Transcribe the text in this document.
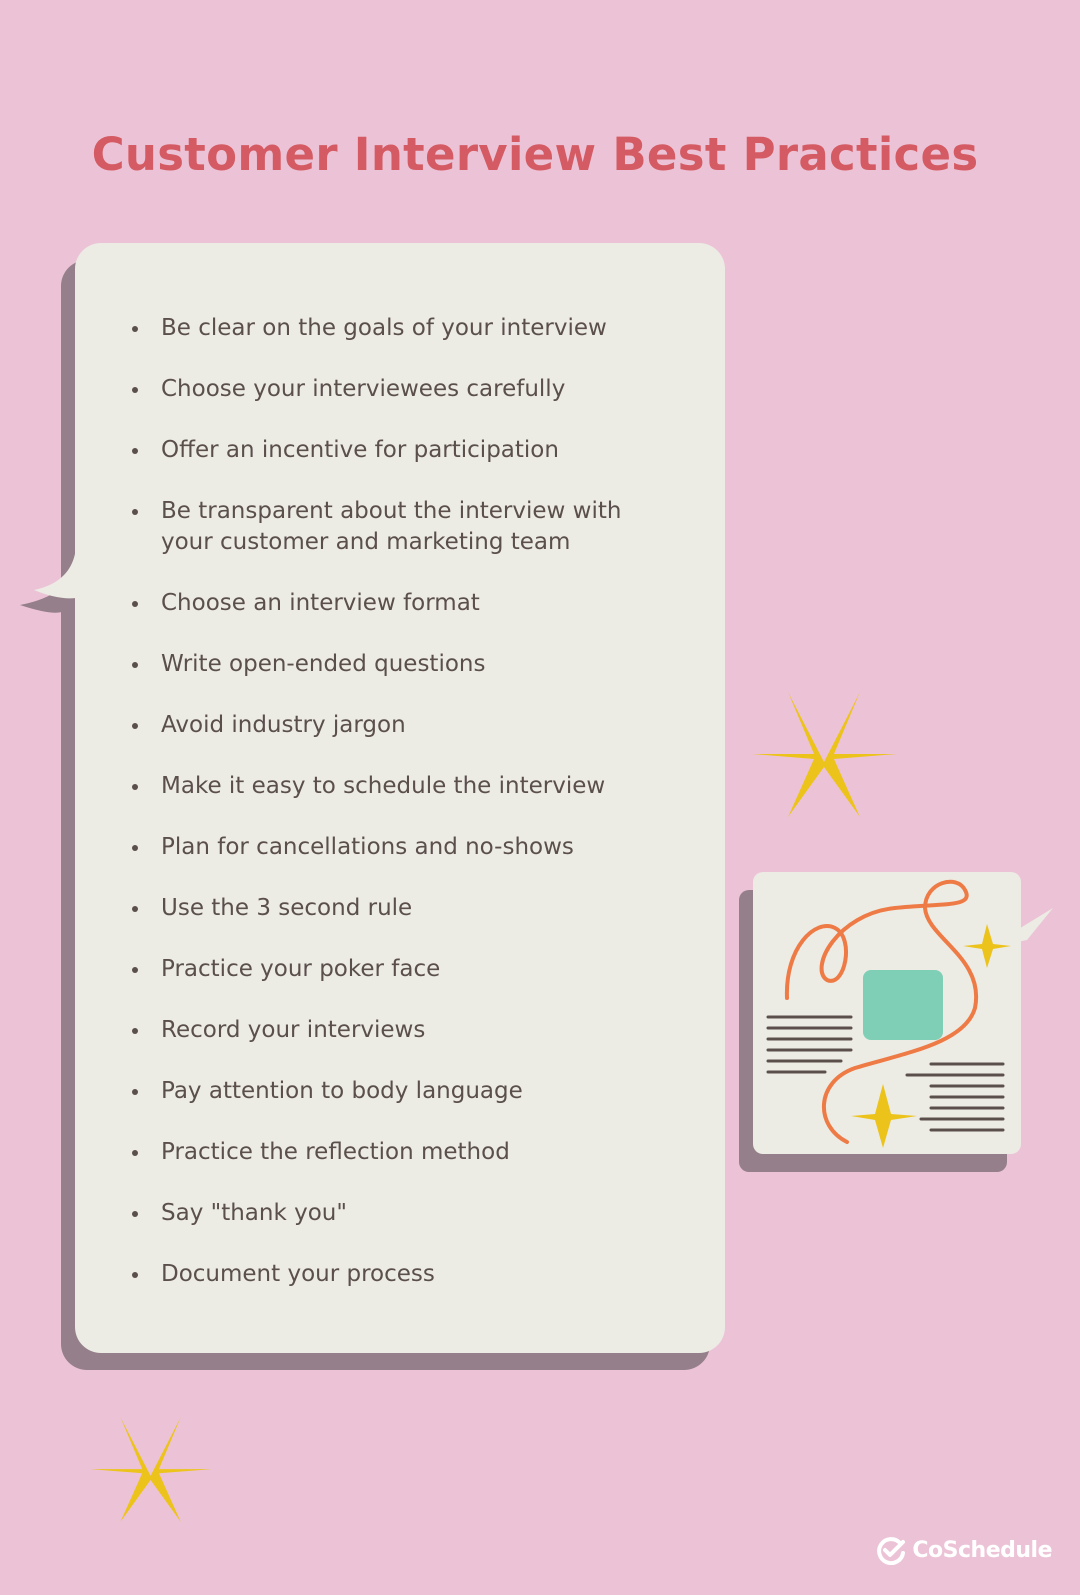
Customer Interview Best Practices
Be clear on the goals of your interview
Choose your interviewees carefully
Offer an incentive for participation
Be transparent about the interview with your customer and marketing team
Choose an interview format
Write open-ended questions
Avoid industry jargon
Make it easy to schedule the interview
Plan for cancellations and no-shows
Use the 3 second rule
Practice your poker face
Record your interviews
Pay attention to body language
Practice the reflection method
Say "thank you"
Document your process
CoSchedule
